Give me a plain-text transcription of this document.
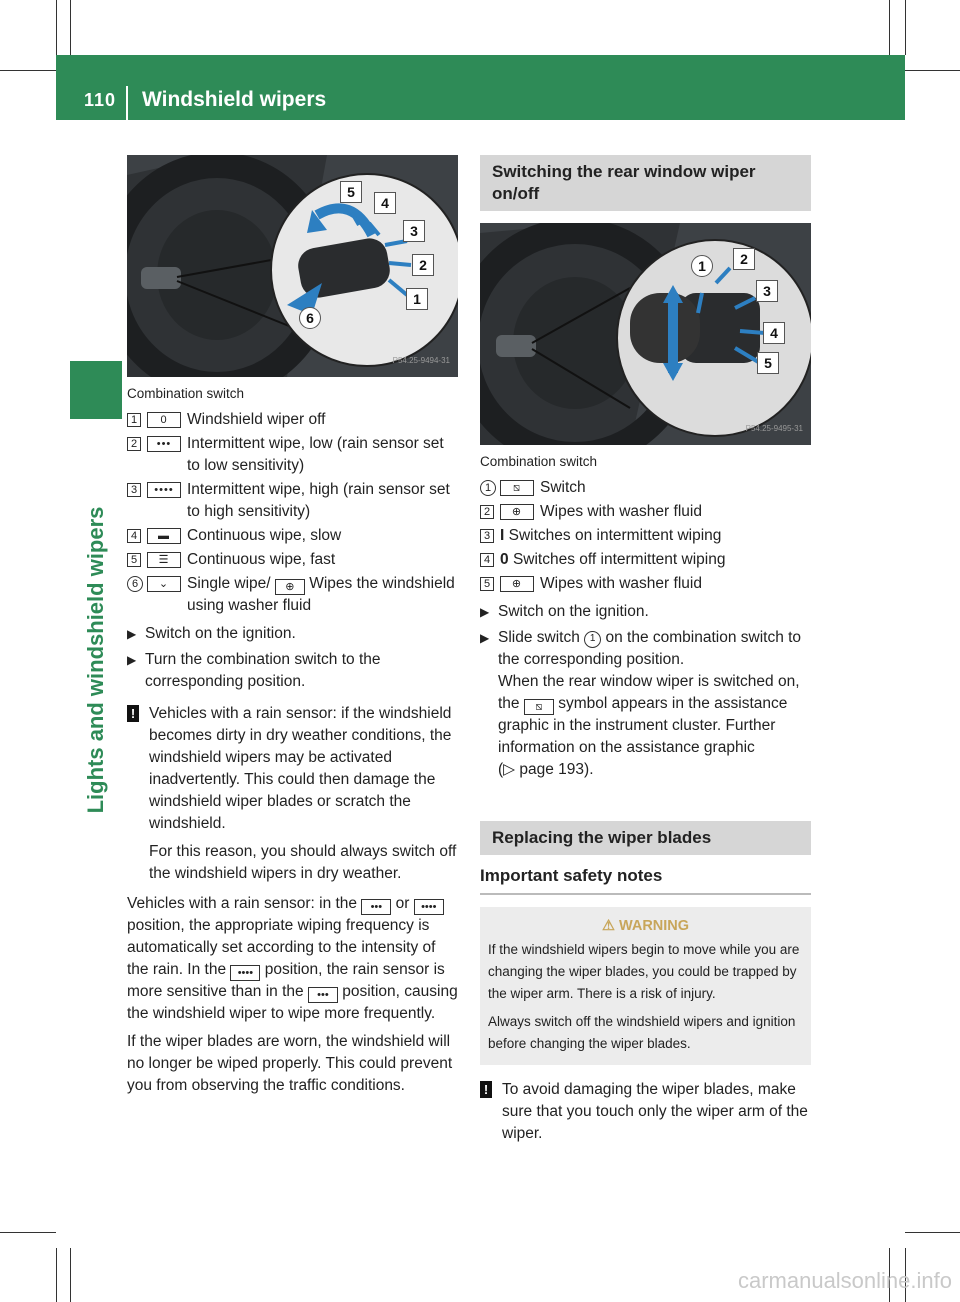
110 Windshield wipers
Lights and windshield wipers
5
4
3
2
1
6
P54.25-9494-31
Combination switch
1	0	Windshield wiper off
2	•••	Intermittent wipe, low (rain sensor set to low sensitivity)
3	•••• Intermittent wipe, high (rain sensor set to high sensitivity)
4	▬	Continuous wipe, slow
5	☰	Continuous wipe, fast
6	⌄	Single wipe/ ⊕ Wipes the windshield using washer fluid
▶ Switch on the ignition.
▶ Turn the combination switch to the corresponding position.
! Vehicles with a rain sensor: if the windshield becomes dirty in dry weather conditions, the windshield wipers may be activated inadvertently. This could then damage the windshield wiper blades or scratch the windshield.

For this reason, you should always switch off the windshield wipers in dry weather.

Vehicles with a rain sensor: in the ••• or •••• position, the appropriate wiping frequency is automatically set according to the intensity of the rain. In the •••• position, the rain sensor is more sensitive than in the ••• position, causing the windshield wiper to wipe more frequently.

If the wiper blades are worn, the windshield will no longer be wiped properly. This could prevent you from observing the traffic conditions.

Switching the rear window wiper on/off
1	2
3
4
5
P54.25-9495-31
Combination switch
1	⧅	Switch
2	⊕	Wipes with washer fluid
3 I Switches on intermittent wiping
4 0 Switches off intermittent wiping
5	⊕	Wipes with washer fluid
▶ Switch on the ignition.
▶ Slide switch 1 on the combination switch to the corresponding position.
When the rear window wiper is switched on, the ⧅ symbol appears in the assistance graphic in the instrument cluster. Further information on the assistance graphic
(▷ page 193).
Replacing the wiper blades
Important safety notes
⚠ WARNING

If the windshield wipers begin to move while you are changing the wiper blades, you could be trapped by the wiper arm. There is a risk of injury.

Always switch off the windshield wipers and ignition before changing the wiper blades.

! To avoid damaging the wiper blades, make sure that you touch only the wiper arm of the wiper.

carmanualsonline.info
